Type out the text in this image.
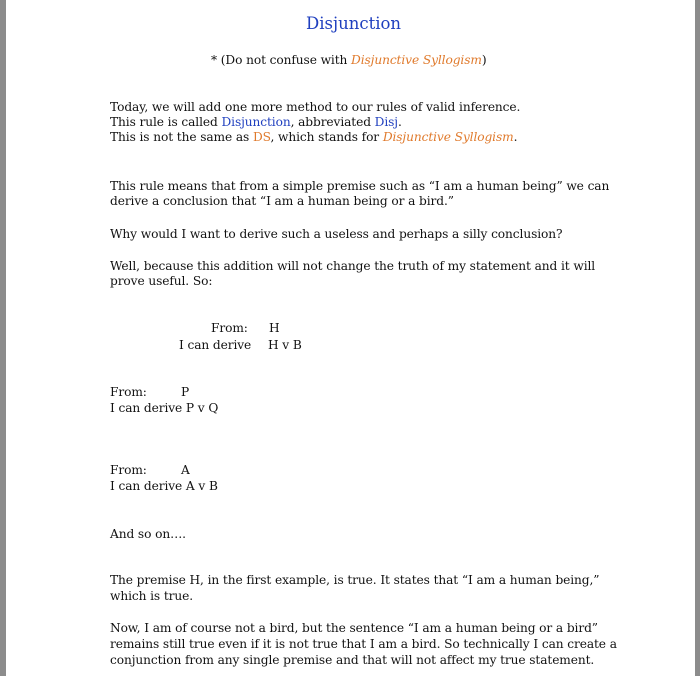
Disjunction
* (Do not confuse with Disjunctive Syllogism)
Today, we will add one more method to our rules of valid inference.
This rule is called Disjunction, abbreviated Disj.
This is not the same as DS, which stands for Disjunctive Syllogism.
This rule means that from a simple premise such as “I am a human being” we can
derive a conclusion that “I am a human being or a bird.”
Why would I want to derive such a useless and perhaps a silly conclusion?
Well, because this addition will not change the truth of my statement and it will
prove useful. So:
From: H
I can derive H v B
From:	P
I can derive P v Q
From:	A
I can derive A v B
And so on….
The premise H, in the first example, is true. It states that “I am a human being,”
which is true.
Now, I am of course not a bird, but the sentence “I am a human being or a bird”
remains still true even if it is not true that I am a bird. So technically I can create a
conjunction from any single premise and that will not affect my true statement.
